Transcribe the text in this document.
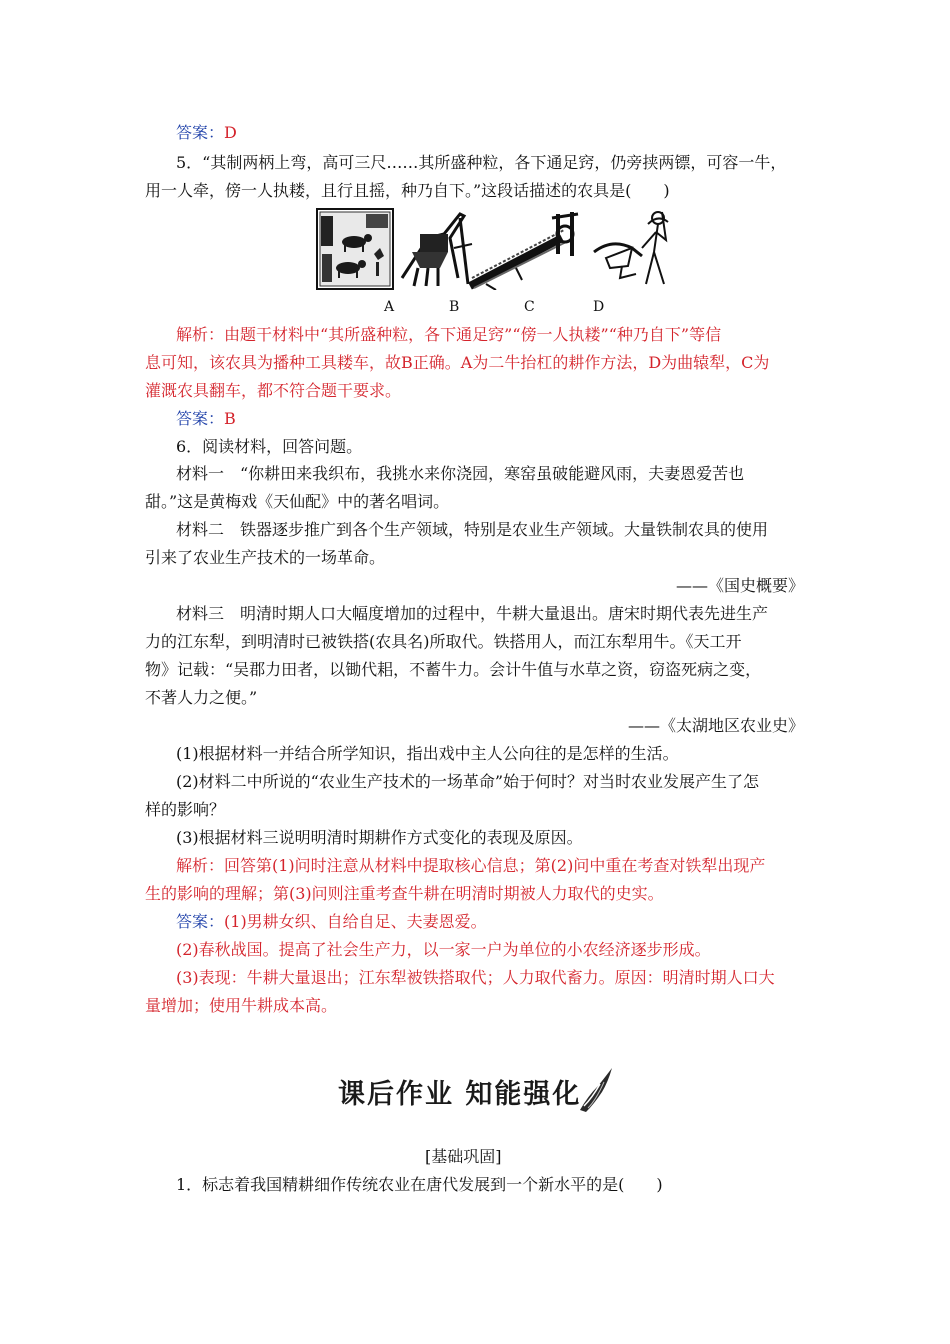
答案：D
5．“其制两柄上弯，高可三尺……其所盛种粒，各下通足窍，仍旁挟两镖，可容一牛，
用一人牵，傍一人执耧，且行且摇，种乃自下。”这段话描述的农具是(　　)
A	B	C	D
解析：由题干材料中“其所盛种粒，各下通足窍”“傍一人执耧”“种乃自下”等信
息可知，该农具为播种工具耧车，故B正确。A为二牛抬杠的耕作方法，D为曲辕犁，C为
灌溉农具翻车，都不符合题干要求。
答案：B
6．阅读材料，回答问题。
材料一　“你耕田来我织布，我挑水来你浇园，寒窑虽破能避风雨，夫妻恩爱苦也
甜。”这是黄梅戏《天仙配》中的著名唱词。
材料二　铁器逐步推广到各个生产领域，特别是农业生产领域。大量铁制农具的使用
引来了农业生产技术的一场革命。
——《国史概要》
材料三　明清时期人口大幅度增加的过程中，牛耕大量退出。唐宋时期代表先进生产
力的江东犁，到明清时已被铁搭(农具名)所取代。铁搭用人，而江东犁用牛。《天工开
物》记载：“吴郡力田者，以锄代耜，不蓄牛力。会计牛值与水草之资，窃盗死病之变，
不著人力之便。”
——《太湖地区农业史》
(1)根据材料一并结合所学知识，指出戏中主人公向往的是怎样的生活。
(2)材料二中所说的“农业生产技术的一场革命”始于何时？对当时农业发展产生了怎
样的影响？
(3)根据材料三说明明清时期耕作方式变化的表现及原因。
解析：回答第(1)问时注意从材料中提取核心信息；第(2)问中重在考查对铁犁出现产
生的影响的理解；第(3)问则注重考查牛耕在明清时期被人力取代的史实。
答案：(1)男耕女织、自给自足、夫妻恩爱。
(2)春秋战国。提高了社会生产力，以一家一户为单位的小农经济逐步形成。
(3)表现：牛耕大量退出；江东犁被铁搭取代；人力取代畜力。原因：明清时期人口大
量增加；使用牛耕成本高。
课后作业 知能强化
[基础巩固]
1．标志着我国精耕细作传统农业在唐代发展到一个新水平的是(　　)
